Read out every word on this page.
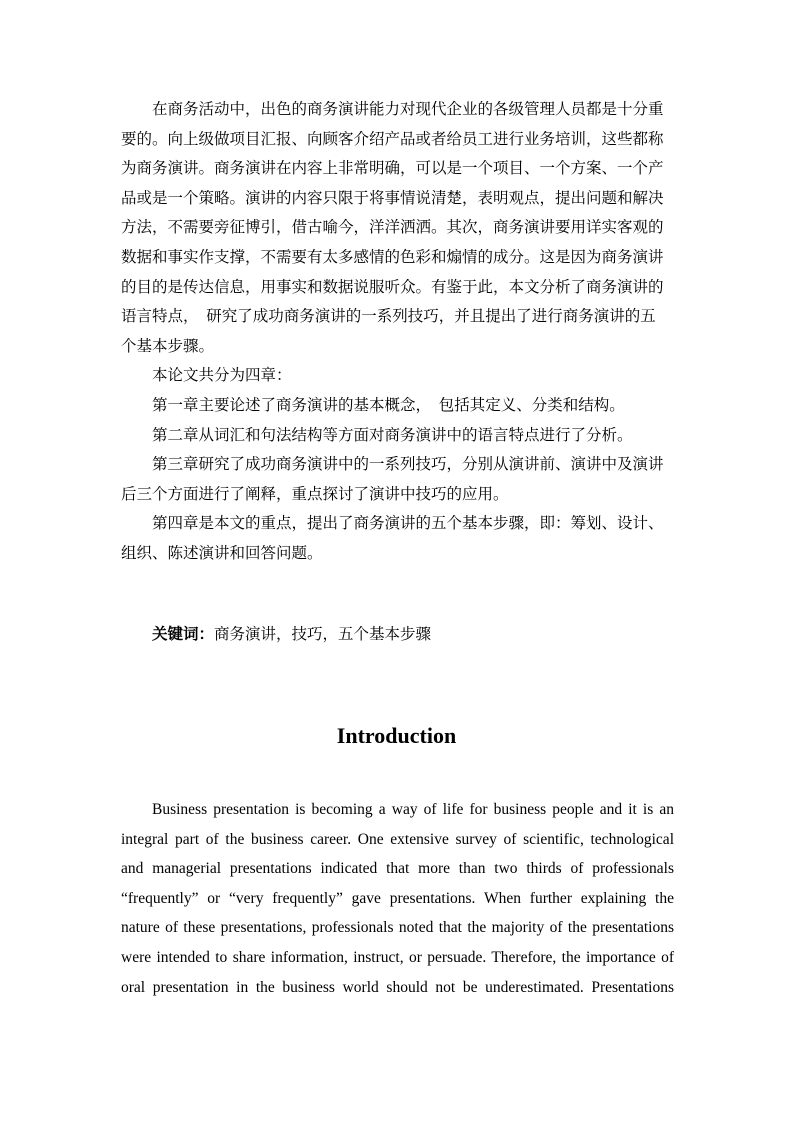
在商务活动中，出色的商务演讲能力对现代企业的各级管理人员都是十分重
要的。向上级做项目汇报、向顾客介绍产品或者给员工进行业务培训，这些都称
为商务演讲。商务演讲在内容上非常明确，可以是一个项目、一个方案、一个产
品或是一个策略。演讲的内容只限于将事情说清楚，表明观点，提出问题和解决
方法，不需要旁征博引，借古喻今，洋洋洒洒。其次，商务演讲要用详实客观的
数据和事实作支撑，不需要有太多感情的色彩和煽情的成分。这是因为商务演讲
的目的是传达信息，用事实和数据说服听众。有鉴于此，本文分析了商务演讲的
语言特点，　研究了成功商务演讲的一系列技巧，并且提出了进行商务演讲的五
个基本步骤。
本论文共分为四章：
第一章主要论述了商务演讲的基本概念，　包括其定义、分类和结构。
第二章从词汇和句法结构等方面对商务演讲中的语言特点进行了分析。
第三章研究了成功商务演讲中的一系列技巧，分别从演讲前、演讲中及演讲
后三个方面进行了阐释，重点探讨了演讲中技巧的应用。
第四章是本文的重点，提出了商务演讲的五个基本步骤，即：筹划、设计、
组织、陈述演讲和回答问题。

关键词：商务演讲，技巧，五个基本步骤

Introduction
Business presentation is becoming a way of life for business people and it is an
integral part of the business career. One extensive survey of scientific, technological
and managerial presentations indicated that more than two thirds of professionals
“frequently” or “very frequently” gave presentations. When further explaining the
nature of these presentations, professionals noted that the majority of the presentations
were intended to share information, instruct, or persuade. Therefore, the importance of
oral presentation in the business world should not be underestimated. Presentations
